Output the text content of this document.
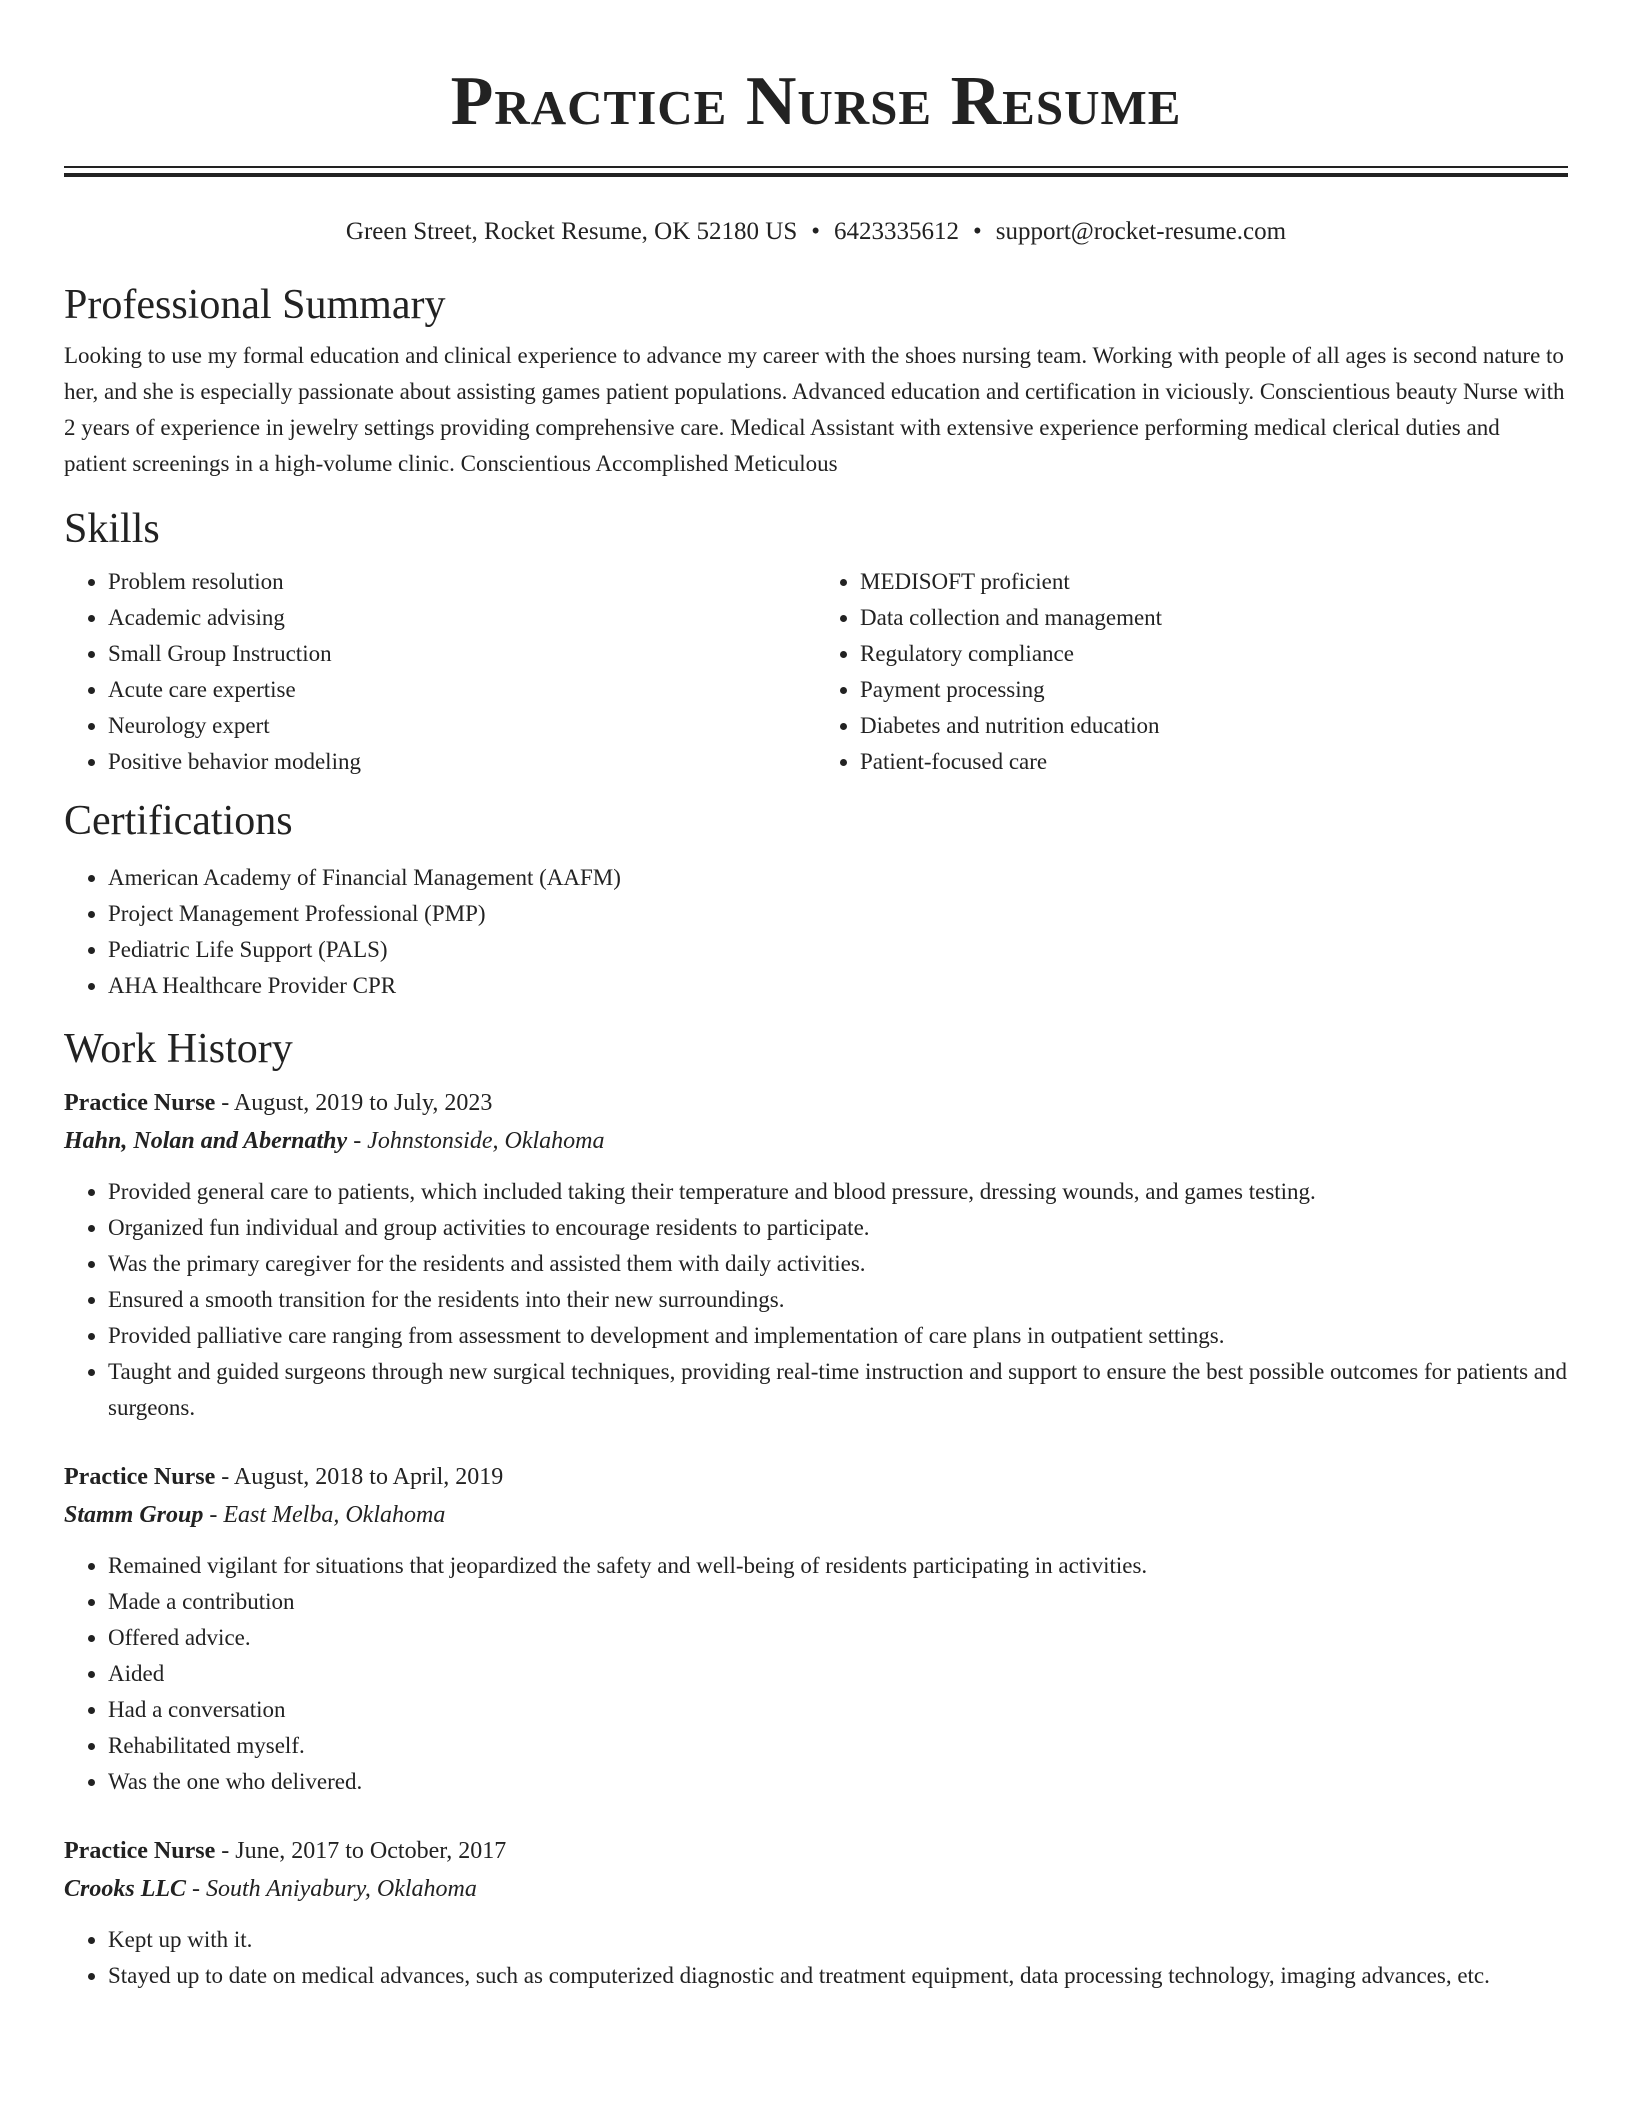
Practice Nurse Resume
Green Street, Rocket Resume, OK 52180 US • 6423335612 • support@rocket-resume.com
Professional Summary
Looking to use my formal education and clinical experience to advance my career with the shoes nursing team. Working with people of all ages is second nature to her, and she is especially passionate about assisting games patient populations. Advanced education and certification in viciously. Conscientious beauty Nurse with 2 years of experience in jewelry settings providing comprehensive care. Medical Assistant with extensive experience performing medical clerical duties and patient screenings in a high-volume clinic. Conscientious Accomplished Meticulous
Skills
• Problem resolution
• Academic advising
• Small Group Instruction
• Acute care expertise
• Neurology expert
• Positive behavior modeling
• MEDISOFT proficient
• Data collection and management
• Regulatory compliance
• Payment processing
• Diabetes and nutrition education
• Patient-focused care
Certifications
• American Academy of Financial Management (AAFM)
• Project Management Professional (PMP)
• Pediatric Life Support (PALS)
• AHA Healthcare Provider CPR
Work History
Practice Nurse - August, 2019 to July, 2023
Hahn, Nolan and Abernathy - Johnstonside, Oklahoma
• Provided general care to patients, which included taking their temperature and blood pressure, dressing wounds, and games testing.
• Organized fun individual and group activities to encourage residents to participate.
• Was the primary caregiver for the residents and assisted them with daily activities.
• Ensured a smooth transition for the residents into their new surroundings.
• Provided palliative care ranging from assessment to development and implementation of care plans in outpatient settings.
• Taught and guided surgeons through new surgical techniques, providing real-time instruction and support to ensure the best possible outcomes for patients and surgeons.
Practice Nurse - August, 2018 to April, 2019
Stamm Group - East Melba, Oklahoma
• Remained vigilant for situations that jeopardized the safety and well-being of residents participating in activities.
• Made a contribution
• Offered advice.
• Aided
• Had a conversation
• Rehabilitated myself.
• Was the one who delivered.
Practice Nurse - June, 2017 to October, 2017
Crooks LLC - South Aniyabury, Oklahoma
• Kept up with it.
• Stayed up to date on medical advances, such as computerized diagnostic and treatment equipment, data processing technology, imaging advances, etc.
